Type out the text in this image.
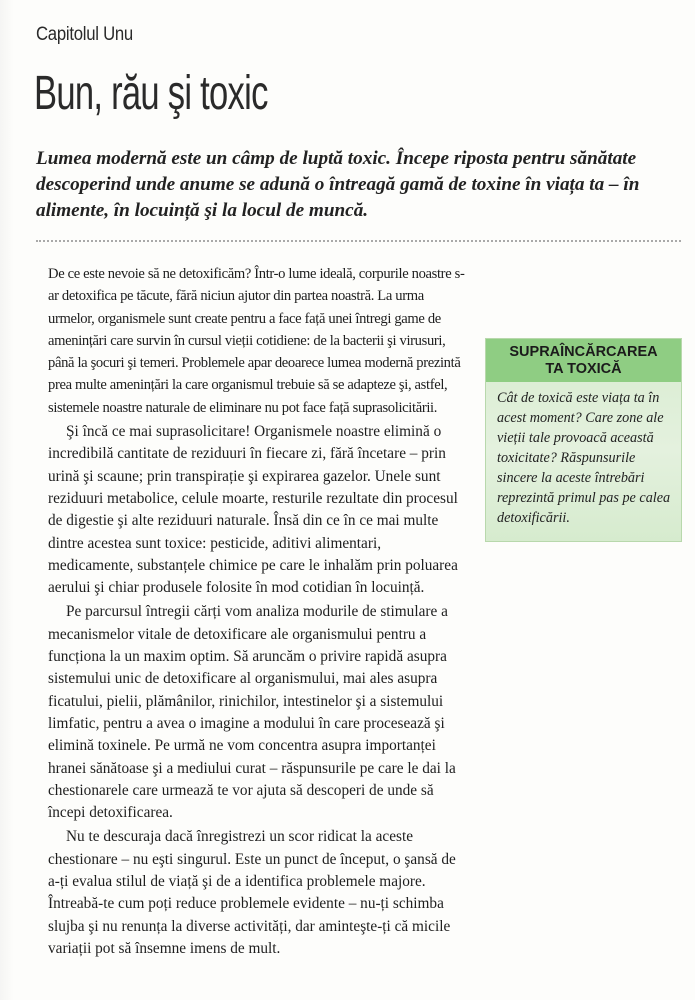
Capitolul Unu
Bun, rău şi toxic

Lumea modernă este un câmp de luptă toxic. Începe riposta pentru sănătate descoperind unde anume se adună o întreagă gamă de toxine în viața ta – în alimente, în locuință şi la locul de muncă.

De ce este nevoie să ne detoxificăm? Într-o lume ideală, corpurile noastre s-ar detoxifica pe tăcute, fără niciun ajutor din partea noastră. La urma urmelor, organismele sunt create pentru a face față unei întregi game de amenințări care survin în cursul vieții cotidiene: de la bacterii şi virusuri, până la şocuri şi temeri. Problemele apar deoarece lumea modernă prezintă prea multe amenințări la care organismul trebuie să se adapteze şi, astfel, sistemele noastre naturale de eliminare nu pot face față suprasolicitării.

Şi încă ce mai suprasolicitare! Organismele noastre elimină o incredibilă cantitate de reziduuri în fiecare zi, fără încetare – prin urină şi scaune; prin transpirație şi expirarea gazelor. Unele sunt reziduuri metabolice, celule moarte, resturile rezultate din procesul de digestie şi alte reziduuri naturale. Însă din ce în ce mai multe dintre acestea sunt toxice: pesticide, aditivi alimentari, medicamente, substanțele chimice pe care le inhalăm prin poluarea aerului şi chiar produsele folosite în mod cotidian în locuință.

Pe parcursul întregii cărți vom analiza modurile de stimulare a mecanismelor vitale de detoxificare ale organismului pentru a funcționa la un maxim optim. Să aruncăm o privire rapidă asupra sistemului unic de detoxificare al organismului, mai ales asupra ficatului, pielii, plămânilor, rinichilor, intestinelor şi a sistemului limfatic, pentru a avea o imagine a modului în care procesează şi elimină toxinele. Pe urmă ne vom concentra asupra importanței hranei sănătoase şi a mediului curat – răspunsurile pe care le dai la chestionarele care urmează te vor ajuta să descoperi de unde să începi detoxificarea.

Nu te descuraja dacă înregistrezi un scor ridicat la aceste chestionare – nu eşti singurul. Este un punct de început, o şansă de a-ți evalua stilul de viață şi de a identifica problemele majore. Întreabă-te cum poți reduce problemele evidente – nu-ți schimba slujba şi nu renunța la diverse activități, dar aminteşte-ți că micile variații pot să însemne imens de mult.

SUPRAÎNCĂRCAREA
TA TOXICĂ
Cât de toxică este viața ta în acest moment? Care zone ale vieții tale provoacă această toxicitate? Răspunsurile sincere la aceste întrebări reprezintă primul pas pe calea detoxificării.
